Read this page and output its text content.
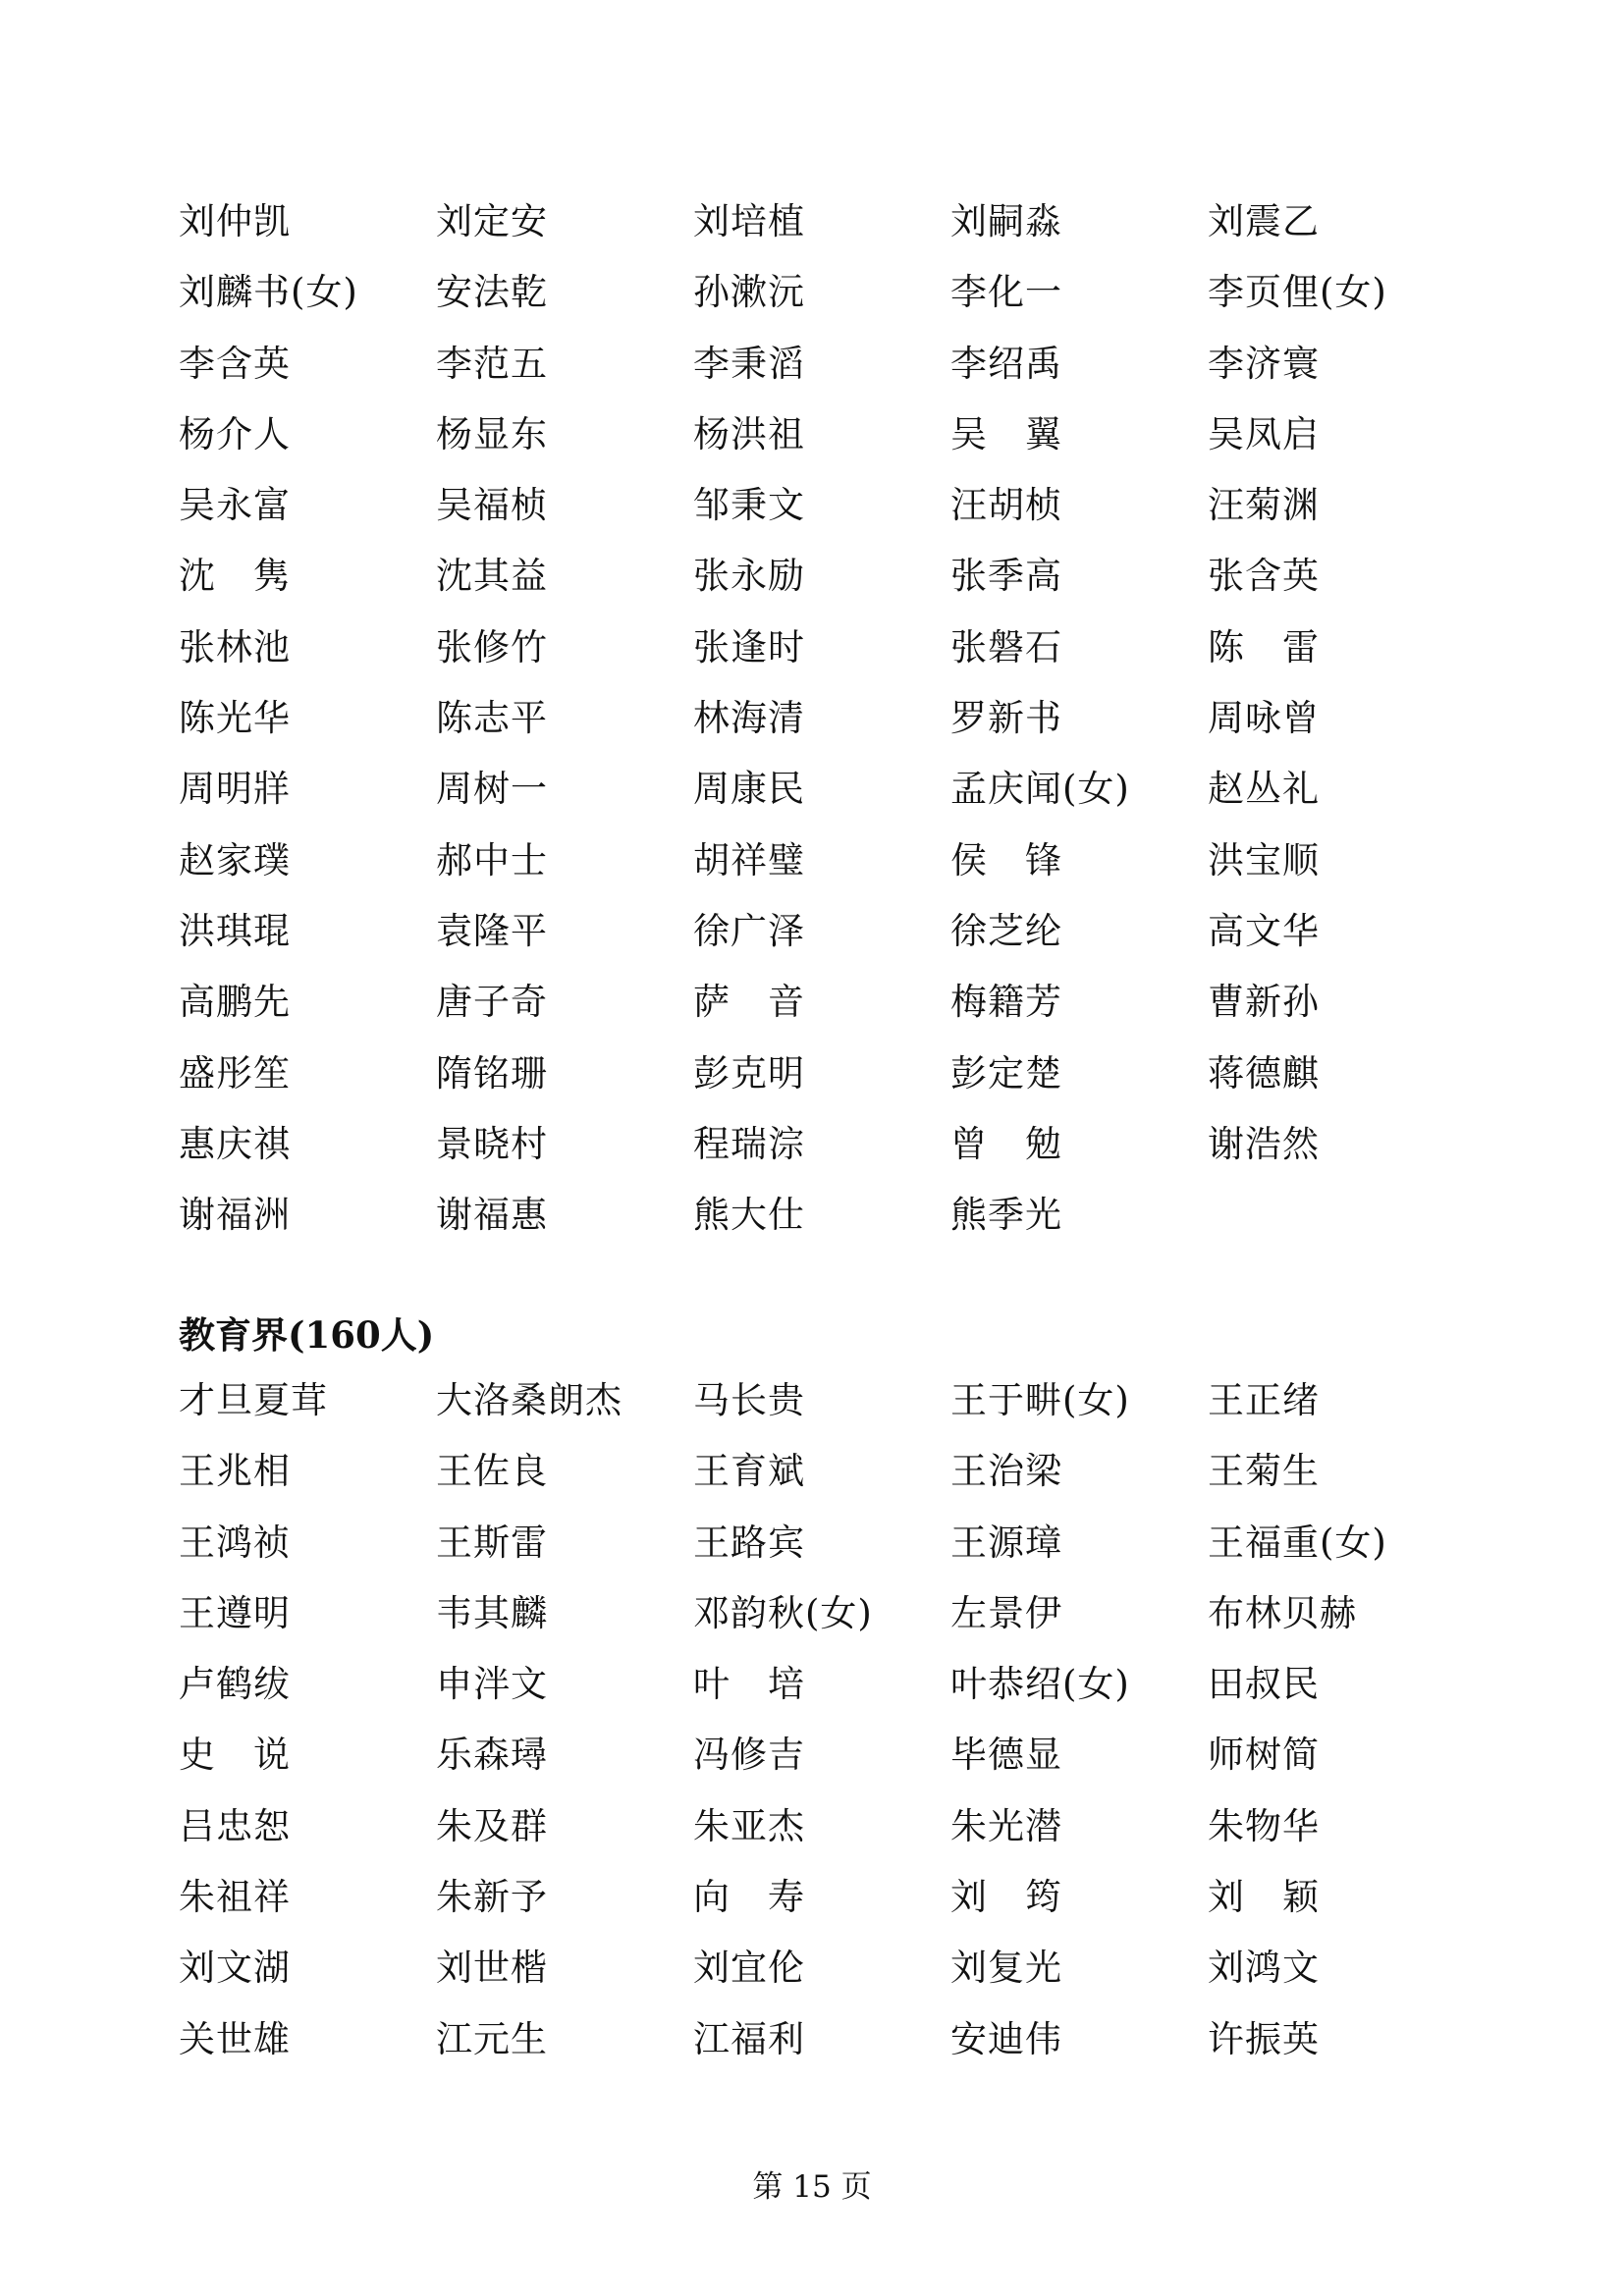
刘仲凯	刘定安	刘培植	刘嗣淼	刘震乙
刘麟书(女)	安法乾	孙漱沅	李化一	李页俚(女)
李含英	李范五	李秉滔	李绍禹	李济寰
杨介人	杨显东	杨洪祖	吴　翼	吴凤启
吴永富	吴福桢	邹秉文	汪胡桢	汪菊渊
沈　隽	沈其益	张永励	张季高	张含英
张林池	张修竹	张逢时	张磐石	陈　雷
陈光华	陈志平	林海清	罗新书	周咏曾
周明牂	周树一	周康民	孟庆闻(女)	赵丛礼
赵家璞	郝中士	胡祥璧	侯　锋	洪宝顺
洪琪琨	袁隆平	徐广泽	徐芝纶	高文华
高鹏先	唐子奇	萨　音	梅籍芳	曹新孙
盛彤笙	隋铭珊	彭克明	彭定楚	蒋德麒
惠庆祺	景晓村	程瑞淙	曾　勉	谢浩然
谢福洲	谢福惠	熊大仕	熊季光
教育界(160人)
才旦夏茸	大洛桑朗杰	马长贵	王于畊(女)	王正绪
王兆相	王佐良	王育斌	王治梁	王菊生
王鸿祯	王斯雷	王路宾	王源璋	王福重(女)
王遵明	韦其麟	邓韵秋(女)	左景伊	布林贝赫
卢鹤绂	申泮文	叶　培	叶恭绍(女)	田叔民
史　说	乐森璕	冯修吉	毕德显	师树简
吕忠恕	朱及群	朱亚杰	朱光潜	朱物华
朱祖祥	朱新予	向　寿	刘　筠	刘　颖
刘文湖	刘世楷	刘宜伦	刘复光	刘鸿文
关世雄	江元生	江福利	安迪伟	许振英
第 15 页
